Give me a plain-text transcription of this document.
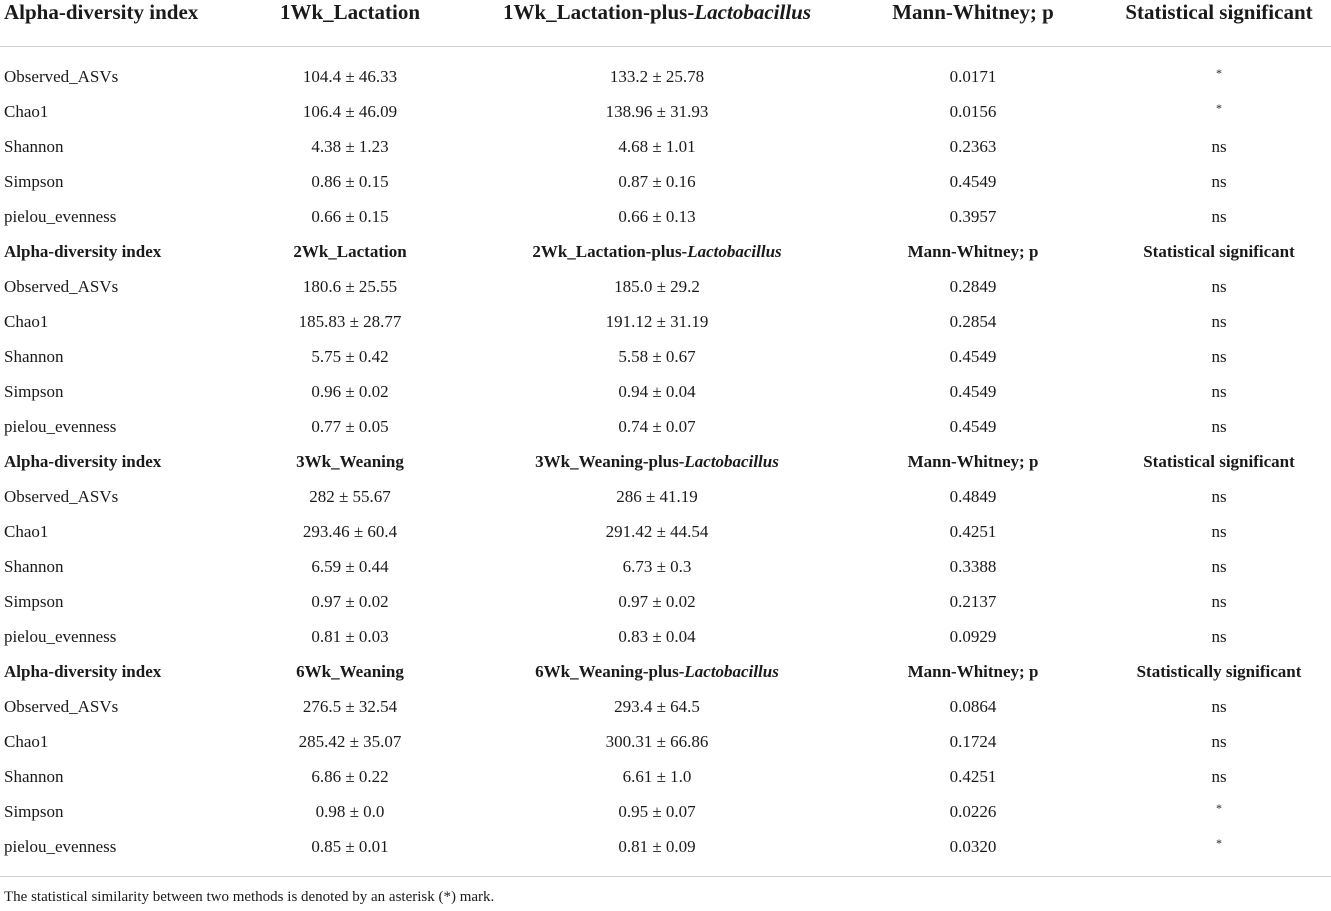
Alpha-diversity index	1Wk_Lactation	1Wk_Lactation-plus-Lactobacillus	Mann-Whitney; p	Statistical significant
Observed_ASVs	104.4 ± 46.33	133.2 ± 25.78	0.0171	*
Chao1	106.4 ± 46.09	138.96 ± 31.93	0.0156	*
Shannon	4.38 ± 1.23	4.68 ± 1.01	0.2363	ns
Simpson	0.86 ± 0.15	0.87 ± 0.16	0.4549	ns
pielou_evenness	0.66 ± 0.15	0.66 ± 0.13	0.3957	ns
Alpha-diversity index	2Wk_Lactation	2Wk_Lactation-plus-Lactobacillus	Mann-Whitney; p	Statistical significant
Observed_ASVs	180.6 ± 25.55	185.0 ± 29.2	0.2849	ns
Chao1	185.83 ± 28.77	191.12 ± 31.19	0.2854	ns
Shannon	5.75 ± 0.42	5.58 ± 0.67	0.4549	ns
Simpson	0.96 ± 0.02	0.94 ± 0.04	0.4549	ns
pielou_evenness	0.77 ± 0.05	0.74 ± 0.07	0.4549	ns
Alpha-diversity index	3Wk_Weaning	3Wk_Weaning-plus-Lactobacillus	Mann-Whitney; p	Statistical significant
Observed_ASVs	282 ± 55.67	286 ± 41.19	0.4849	ns
Chao1	293.46 ± 60.4	291.42 ± 44.54	0.4251	ns
Shannon	6.59 ± 0.44	6.73 ± 0.3	0.3388	ns
Simpson	0.97 ± 0.02	0.97 ± 0.02	0.2137	ns
pielou_evenness	0.81 ± 0.03	0.83 ± 0.04	0.0929	ns
Alpha-diversity index	6Wk_Weaning	6Wk_Weaning-plus-Lactobacillus	Mann-Whitney; p	Statistically significant
Observed_ASVs	276.5 ± 32.54	293.4 ± 64.5	0.0864	ns
Chao1	285.42 ± 35.07	300.31 ± 66.86	0.1724	ns
Shannon	6.86 ± 0.22	6.61 ± 1.0	0.4251	ns
Simpson	0.98 ± 0.0	0.95 ± 0.07	0.0226	*
pielou_evenness	0.85 ± 0.01	0.81 ± 0.09	0.0320	*
The statistical similarity between two methods is denoted by an asterisk (*) mark.
